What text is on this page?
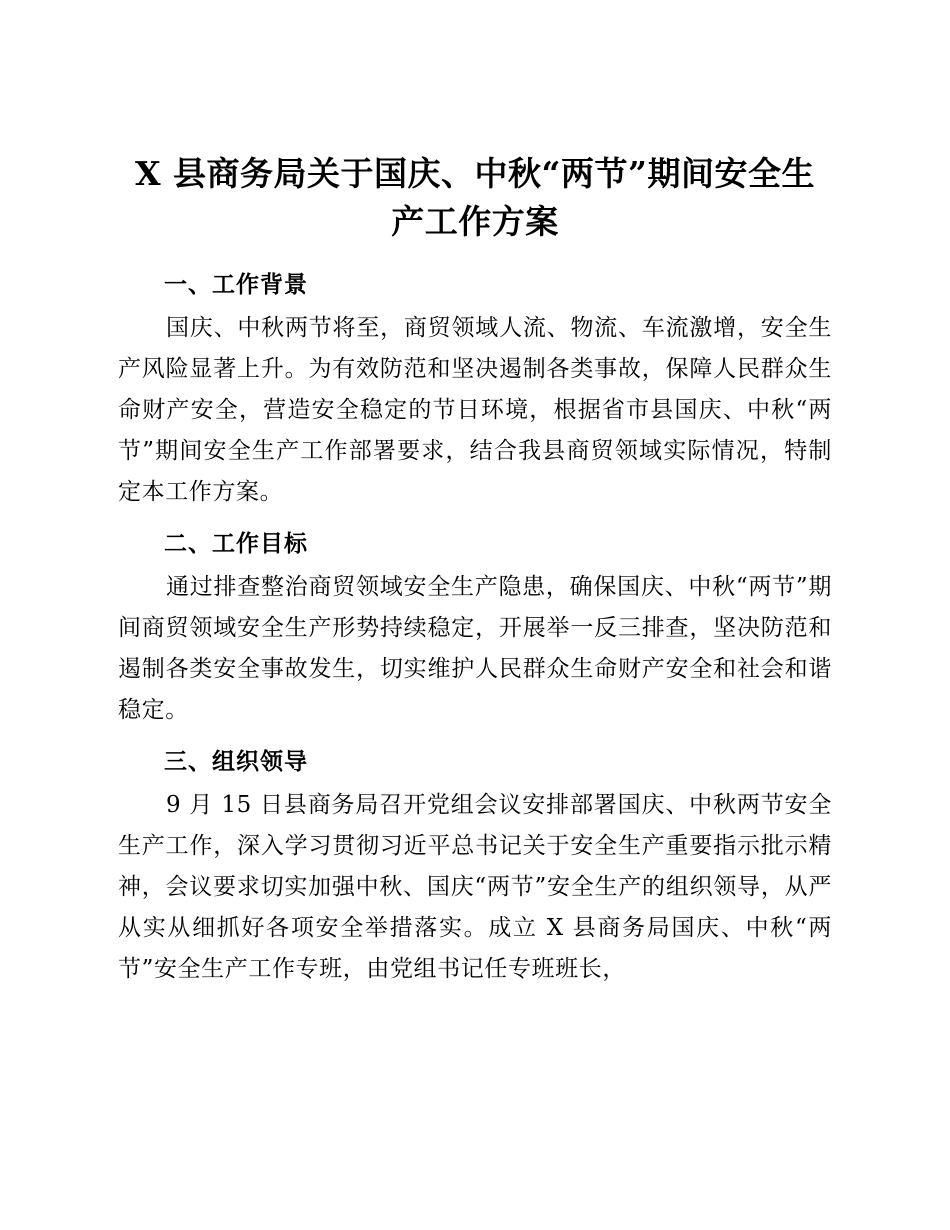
X 县商务局关于国庆、中秋“两节”期间安全生产工作方案
一、工作背景

国庆、中秋两节将至，商贸领域人流、物流、车流激增，安全生产风险显著上升。为有效防范和坚决遏制各类事故，保障人民群众生命财产安全，营造安全稳定的节日环境，根据省市县国庆、中秋“两节”期间安全生产工作部署要求，结合我县商贸领域实际情况，特制定本工作方案。

二、工作目标

通过排查整治商贸领域安全生产隐患，确保国庆、中秋“两节”期间商贸领域安全生产形势持续稳定，开展举一反三排查，坚决防范和遏制各类安全事故发生，切实维护人民群众生命财产安全和社会和谐稳定。

三、组织领导

9 月 15 日县商务局召开党组会议安排部署国庆、中秋两节安全生产工作，深入学习贯彻习近平总书记关于安全生产重要指示批示精神，会议要求切实加强中秋、国庆“两节”安全生产的组织领导，从严从实从细抓好各项安全举措落实。成立 X 县商务局国庆、中秋“两节”安全生产工作专班，由党组书记任专班班长，
